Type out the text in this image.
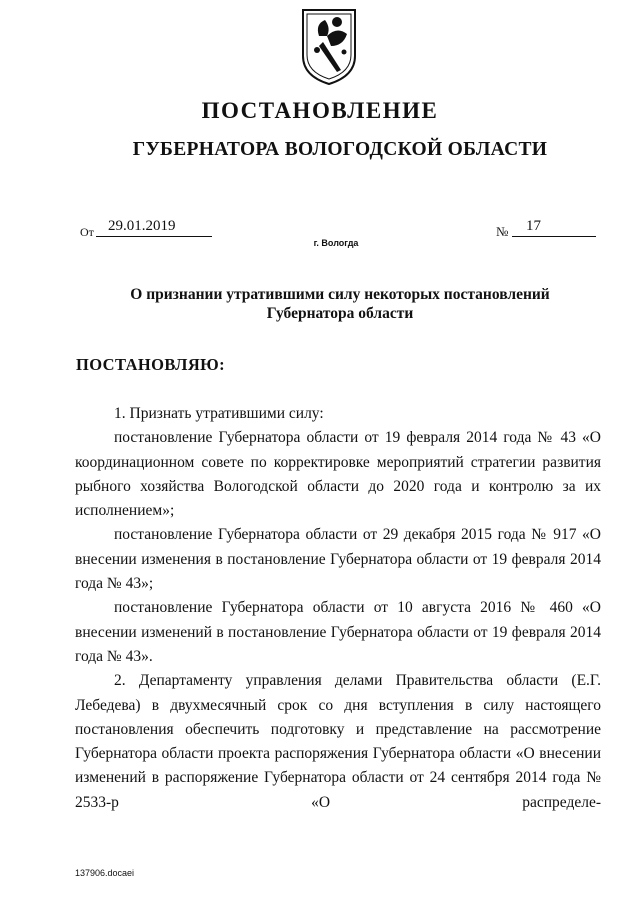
ПОСТАНОВЛЕНИЕ
ГУБЕРНАТОРА ВОЛОГОДСКОЙ ОБЛАСТИ
От 29.01.2019	№	17
г. Вологда
О признании утратившими силу некоторых постановлений
Губернатора области
ПОСТАНОВЛЯЮ:

1. Признать утратившими силу:

постановление Губернатора области от 19 февраля 2014 года № 43 «О координационном совете по корректировке мероприятий стратегии развития рыбного хозяйства Вологодской области до 2020 года и контролю за их исполнением»;

постановление Губернатора области от 29 декабря 2015 года № 917 «О внесении изменения в постановление Губернатора области от 19 февраля 2014 года № 43»;

постановление Губернатора области от 10 августа 2016 № 460 «О внесении изменений в постановление Губернатора области от 19 февраля 2014 года № 43».

2. Департаменту управления делами Правительства области (Е.Г. Лебедева) в двухмесячный срок со дня вступления в силу настоящего постановления обеспечить подготовку и представление на рассмотрение Губернатора области проекта распоряжения Губернатора области «О внесении изменений в распоряжение Губернатора области от 24 сентября 2014 года № 2533-р «О распределе-

137906.docaei
